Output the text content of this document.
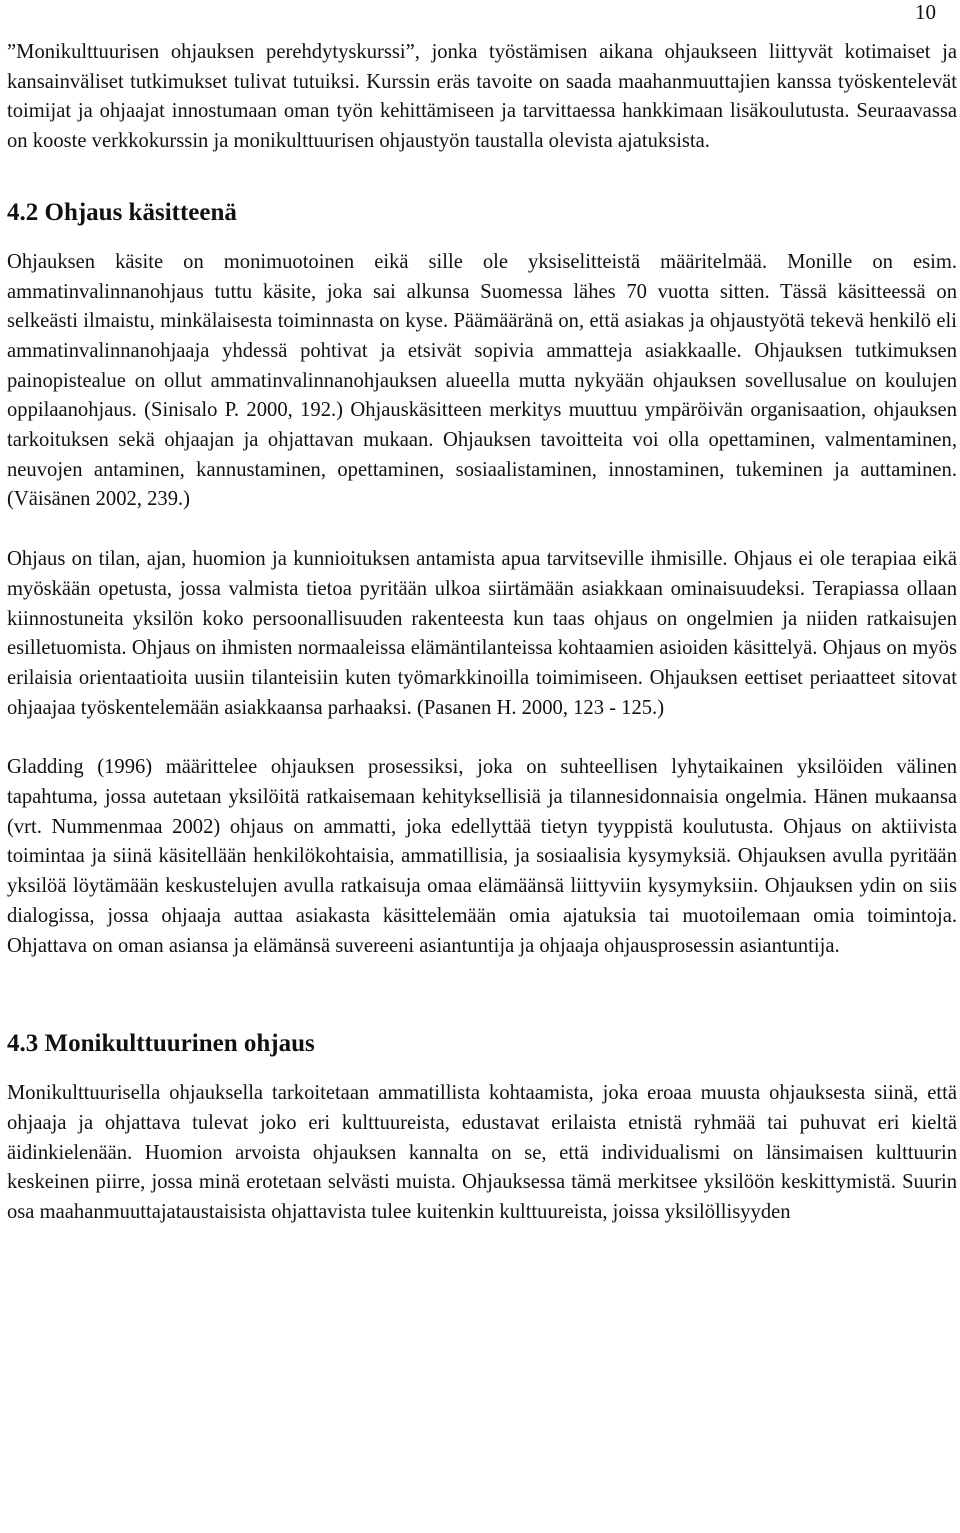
10

”Monikulttuurisen ohjauksen perehdytyskurssi”, jonka työstämisen aikana ohjaukseen liittyvät kotimaiset ja kansainväliset tutkimukset tulivat tutuiksi. Kurssin eräs tavoite on saada maahanmuuttajien kanssa työskentelevät toimijat ja ohjaajat innostumaan oman työn kehittämiseen ja tarvittaessa hankkimaan lisäkoulutusta. Seuraavassa on kooste verkkokurssin ja monikulttuurisen ohjaustyön taustalla olevista ajatuksista.

4.2 Ohjaus käsitteenä

Ohjauksen käsite on monimuotoinen eikä sille ole yksiselitteistä määritelmää. Monille on esim. ammatinvalinnanohjaus tuttu käsite, joka sai alkunsa Suomessa lähes 70 vuotta sitten. Tässä käsitteessä on selkeästi ilmaistu, minkälaisesta toiminnasta on kyse. Päämääränä on, että asiakas ja ohjaustyötä tekevä henkilö eli ammatinvalinnanohjaaja yhdessä pohtivat ja etsivät sopivia ammatteja asiakkaalle. Ohjauksen tutkimuksen painopistealue on ollut ammatinvalinnanohjauksen alueella mutta nykyään ohjauksen sovellusalue on koulujen oppilaanohjaus. (Sinisalo P. 2000, 192.) Ohjauskäsitteen merkitys muuttuu ympäröivän organisaation, ohjauksen tarkoituksen sekä ohjaajan ja ohjattavan mukaan. Ohjauksen tavoitteita voi olla opettaminen, valmentaminen, neuvojen antaminen, kannustaminen, opettaminen, sosiaalistaminen, innostaminen, tukeminen ja auttaminen. (Väisänen 2002, 239.)

Ohjaus on tilan, ajan, huomion ja kunnioituksen antamista apua tarvitseville ihmisille. Ohjaus ei ole terapiaa eikä myöskään opetusta, jossa valmista tietoa pyritään ulkoa siirtämään asiakkaan ominaisuudeksi. Terapiassa ollaan kiinnostuneita yksilön koko persoonallisuuden rakenteesta kun taas ohjaus on ongelmien ja niiden ratkaisujen esilletuomista. Ohjaus on ihmisten normaaleissa elämäntilanteissa kohtaamien asioiden käsittelyä. Ohjaus on myös erilaisia orientaatioita uusiin tilanteisiin kuten työmarkkinoilla toimimiseen. Ohjauksen eettiset periaatteet sitovat ohjaajaa työskentelemään asiakkaansa parhaaksi. (Pasanen H. 2000, 123 - 125.)

Gladding (1996) määrittelee ohjauksen prosessiksi, joka on suhteellisen lyhytaikainen yksilöiden välinen tapahtuma, jossa autetaan yksilöitä ratkaisemaan kehityksellisiä ja tilannesidonnaisia ongelmia. Hänen mukaansa (vrt. Nummenmaa 2002) ohjaus on ammatti, joka edellyttää tietyn tyyppistä koulutusta. Ohjaus on aktiivista toimintaa ja siinä käsitellään henkilökohtaisia, ammatillisia, ja sosiaalisia kysymyksiä. Ohjauksen avulla pyritään yksilöä löytämään keskustelujen avulla ratkaisuja omaa elämäänsä liittyviin kysymyksiin. Ohjauksen ydin on siis dialogissa, jossa ohjaaja auttaa asiakasta käsittelemään omia ajatuksia tai muotoilemaan omia toimintoja. Ohjattava on oman asiansa ja elämänsä suvereeni asiantuntija ja ohjaaja ohjausprosessin asiantuntija.

4.3 Monikulttuurinen ohjaus

Monikulttuurisella ohjauksella tarkoitetaan ammatillista kohtaamista, joka eroaa muusta ohjauksesta siinä, että ohjaaja ja ohjattava tulevat joko eri kulttuureista, edustavat erilaista etnistä ryhmää tai puhuvat eri kieltä äidinkielenään. Huomion arvoista ohjauksen kannalta on se, että individualismi on länsimaisen kulttuurin keskeinen piirre, jossa minä erotetaan selvästi muista. Ohjauksessa tämä merkitsee yksilöön keskittymistä. Suurin osa maahanmuuttajataustaisista ohjattavista tulee kuitenkin kulttuureista, joissa yksilöllisyyden
